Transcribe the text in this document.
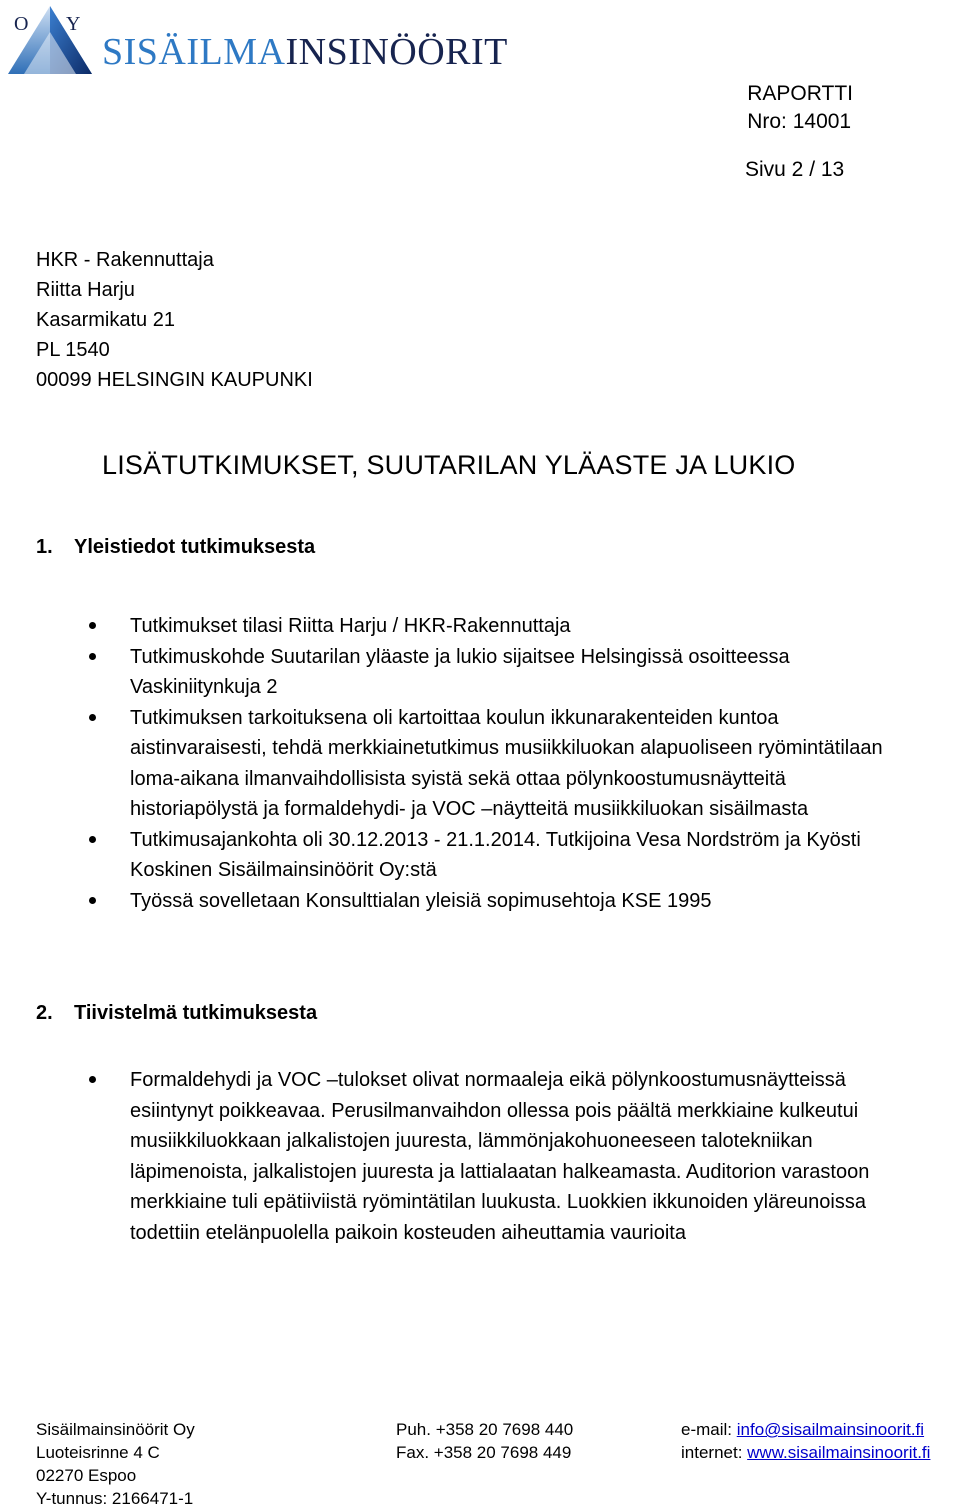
O Y
SISÄILMAINSINÖÖRIT
RAPORTTI
Nro: 14001
Sivu 2 / 13
HKR - Rakennuttaja
Riitta Harju
Kasarmikatu 21
PL 1540
00099 HELSINGIN KAUPUNKI
LISÄTUTKIMUKSET, SUUTARILAN YLÄASTE JA LUKIO
1. Yleistiedot tutkimuksesta
Tutkimukset tilasi Riitta Harju / HKR-Rakennuttaja
Tutkimuskohde Suutarilan yläaste ja lukio sijaitsee Helsingissä osoitteessa Vaskiniitynkuja 2
Tutkimuksen tarkoituksena oli kartoittaa koulun ikkunarakenteiden kuntoa aistinvaraisesti, tehdä merkkiainetutkimus musiikkiluokan alapuoliseen ryömintätilaan loma-aikana ilmanvaihdollisista syistä sekä ottaa pölynkoostumusnäytteitä historiapölystä ja formaldehydi- ja VOC –näytteitä musiikkiluokan sisäilmasta
Tutkimusajankohta oli 30.12.2013 - 21.1.2014. Tutkijoina Vesa Nordström ja Kyösti Koskinen Sisäilmainsinöörit Oy:stä
Työssä sovelletaan Konsulttialan yleisiä sopimusehtoja KSE 1995
2. Tiivistelmä tutkimuksesta
Formaldehydi ja VOC –tulokset olivat normaaleja eikä pölynkoostumusnäytteissä esiintynyt poikkeavaa. Perusilmanvaihdon ollessa pois päältä merkkiaine kulkeutui musiikkiluokkaan jalkalistojen juuresta, lämmönjakohuoneeseen talotekniikan läpimenoista, jalkalistojen juuresta ja lattialaatan halkeamasta. Auditorion varastoon merkkiaine tuli epätiiviistä ryömintätilan luukusta. Luokkien ikkunoiden yläreunoissa todettiin etelänpuolella paikoin kosteuden aiheuttamia vaurioita
Sisäilmainsinöörit Oy
Luoteisrinne 4 C
02270 Espoo
Y-tunnus: 2166471-1
Puh. +358 20 7698 440
Fax. +358 20 7698 449
e-mail: info@sisailmainsinoorit.fi
internet: www.sisailmainsinoorit.fi
